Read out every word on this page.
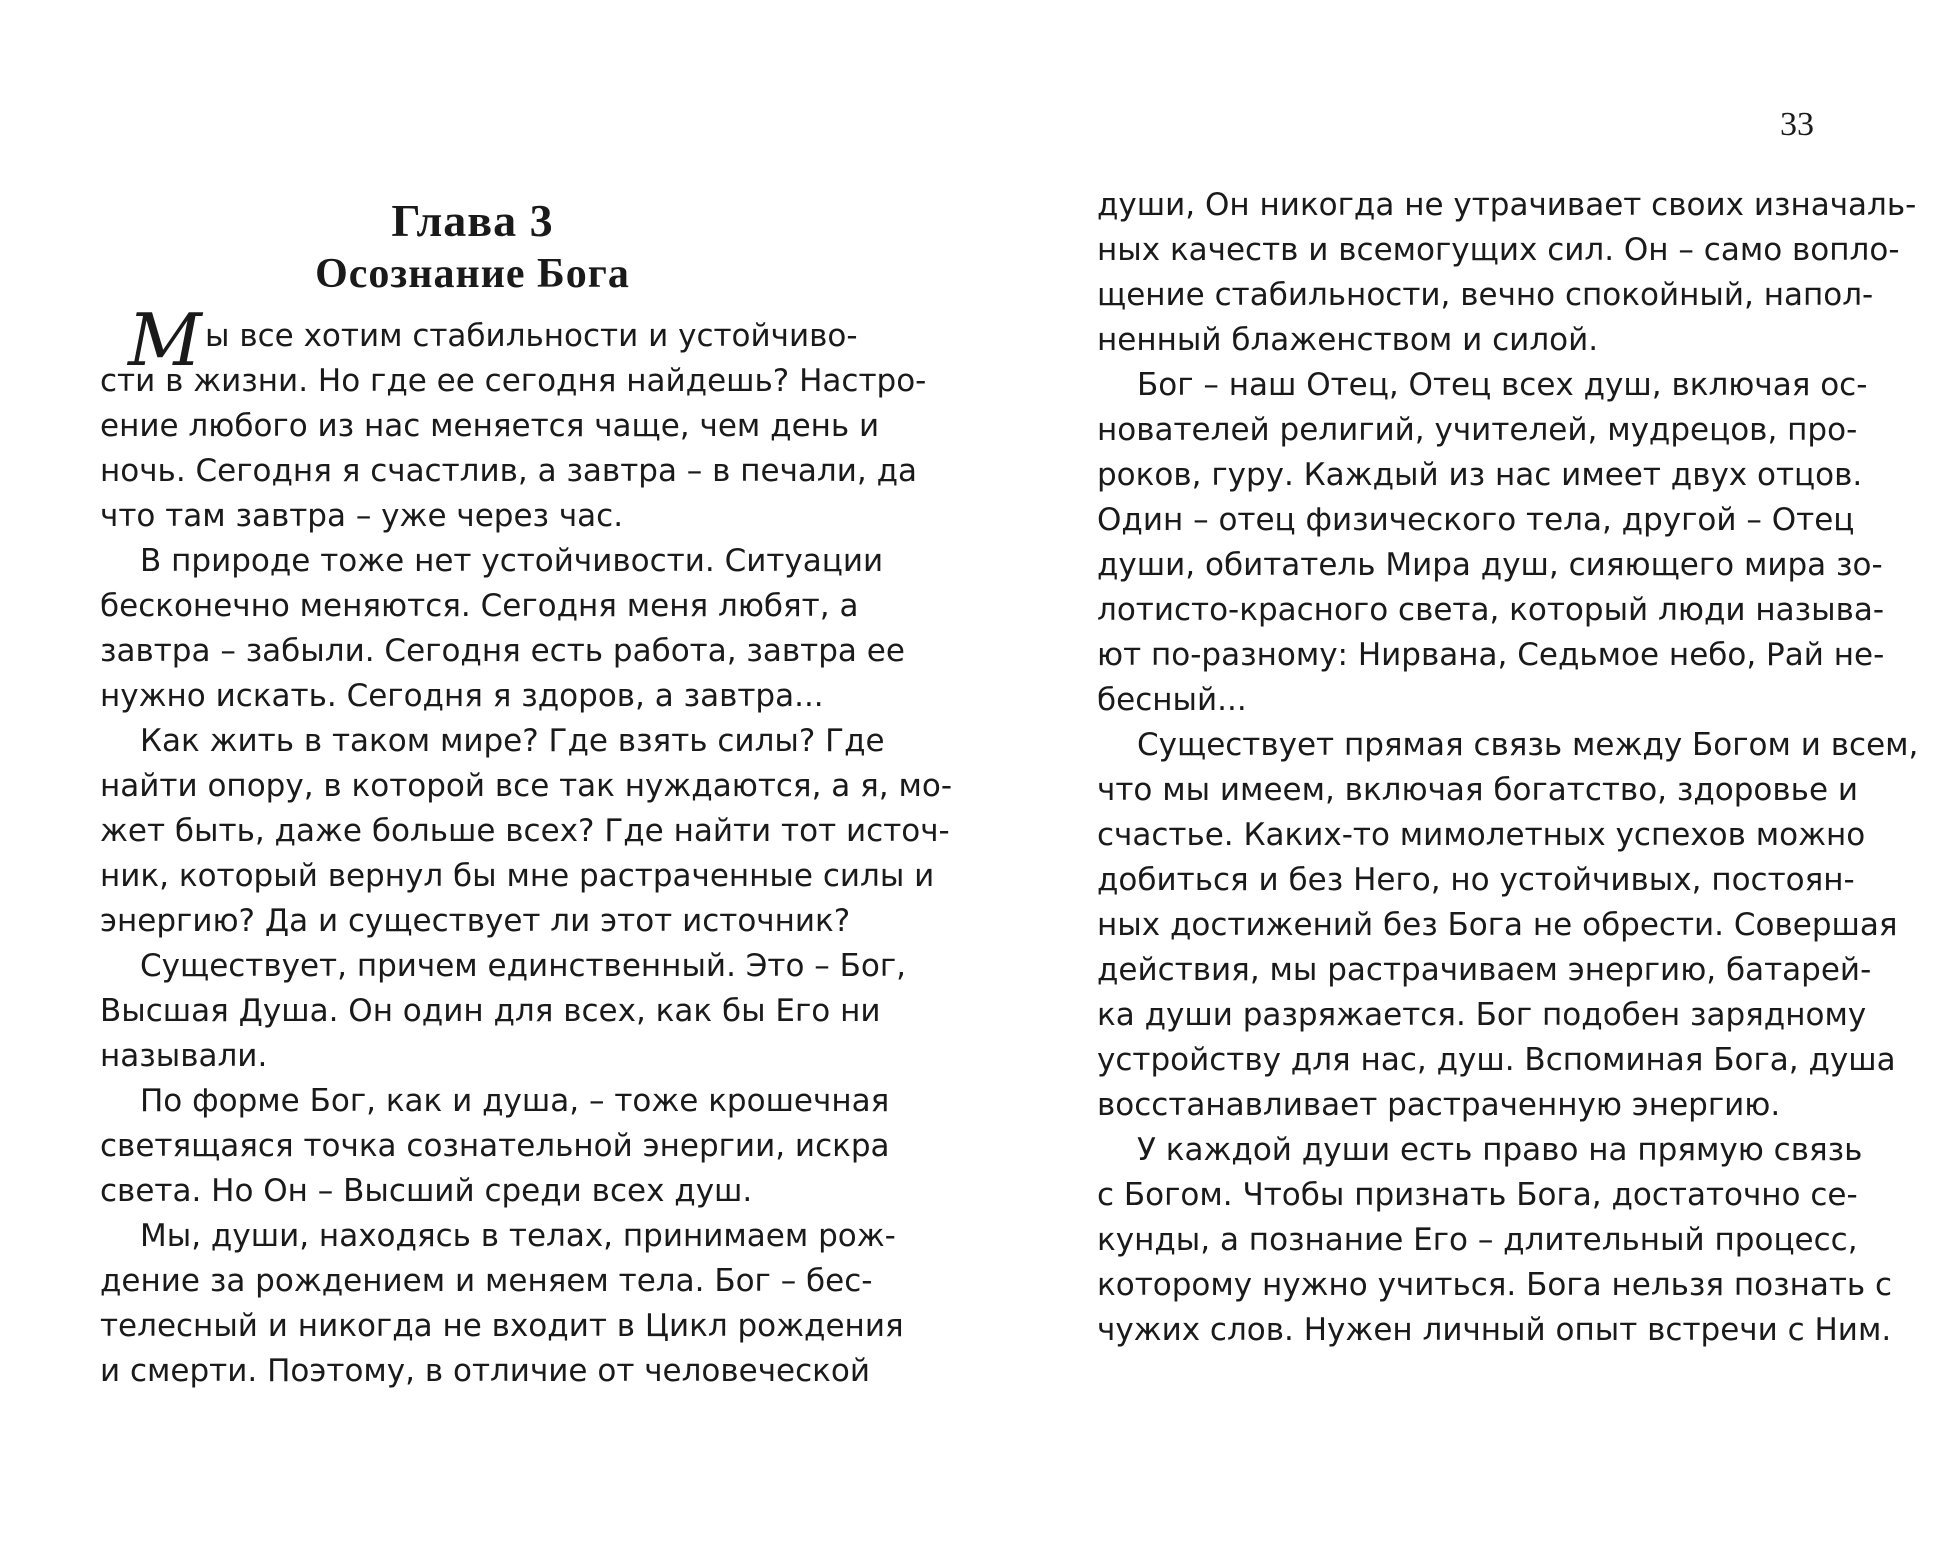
33
Глава 3
Осознание Бога
М ы все хотим стабильности и устойчиво-
сти в жизни. Но где ее сегодня найдешь? Настро-
ение любого из нас меняется чаще, чем день и
ночь. Сегодня я счастлив, а завтра – в печали, да
что там завтра – уже через час.
В природе тоже нет устойчивости. Ситуации
бесконечно меняются. Сегодня меня любят, а
завтра – забыли. Сегодня есть работа, завтра ее
нужно искать. Сегодня я здоров, а завтра...
Как жить в таком мире? Где взять силы? Где
найти опору, в которой все так нуждаются, а я, мо-
жет быть, даже больше всех? Где найти тот источ-
ник, который вернул бы мне растраченные силы и
энергию? Да и существует ли этот источник?
Существует, причем единственный. Это – Бог,
Высшая Душа. Он один для всех, как бы Его ни
называли.
По форме Бог, как и душа, – тоже крошечная
светящаяся точка сознательной энергии, искра
света. Но Он – Высший среди всех душ.
Мы, души, находясь в телах, принимаем рож-
дение за рождением и меняем тела. Бог – бес-
телесный и никогда не входит в Цикл рождения
и смерти. Поэтому, в отличие от человеческой
души, Он никогда не утрачивает своих изначаль-
ных качеств и всемогущих сил. Он – само вопло-
щение стабильности, вечно спокойный, напол-
ненный блаженством и силой.
Бог – наш Отец, Отец всех душ, включая ос-
нователей религий, учителей, мудрецов, про-
роков, гуру. Каждый из нас имеет двух отцов.
Один – отец физического тела, другой – Отец
души, обитатель Мира душ, сияющего мира зо-
лотисто-красного света, который люди называ-
ют по-разному: Нирвана, Седьмое небо, Рай не-
бесный...
Существует прямая связь между Богом и всем,
что мы имеем, включая богатство, здоровье и
счастье. Каких-то мимолетных успехов можно
добиться и без Него, но устойчивых, постоян-
ных достижений без Бога не обрести. Совершая
действия, мы растрачиваем энергию, батарей-
ка души разряжается. Бог подобен зарядному
устройству для нас, душ. Вспоминая Бога, душа
восстанавливает растраченную энергию.
У каждой души есть право на прямую связь
с Богом. Чтобы признать Бога, достаточно се-
кунды, а познание Его – длительный процесс,
которому нужно учиться. Бога нельзя познать с
чужих слов. Нужен личный опыт встречи с Ним.
